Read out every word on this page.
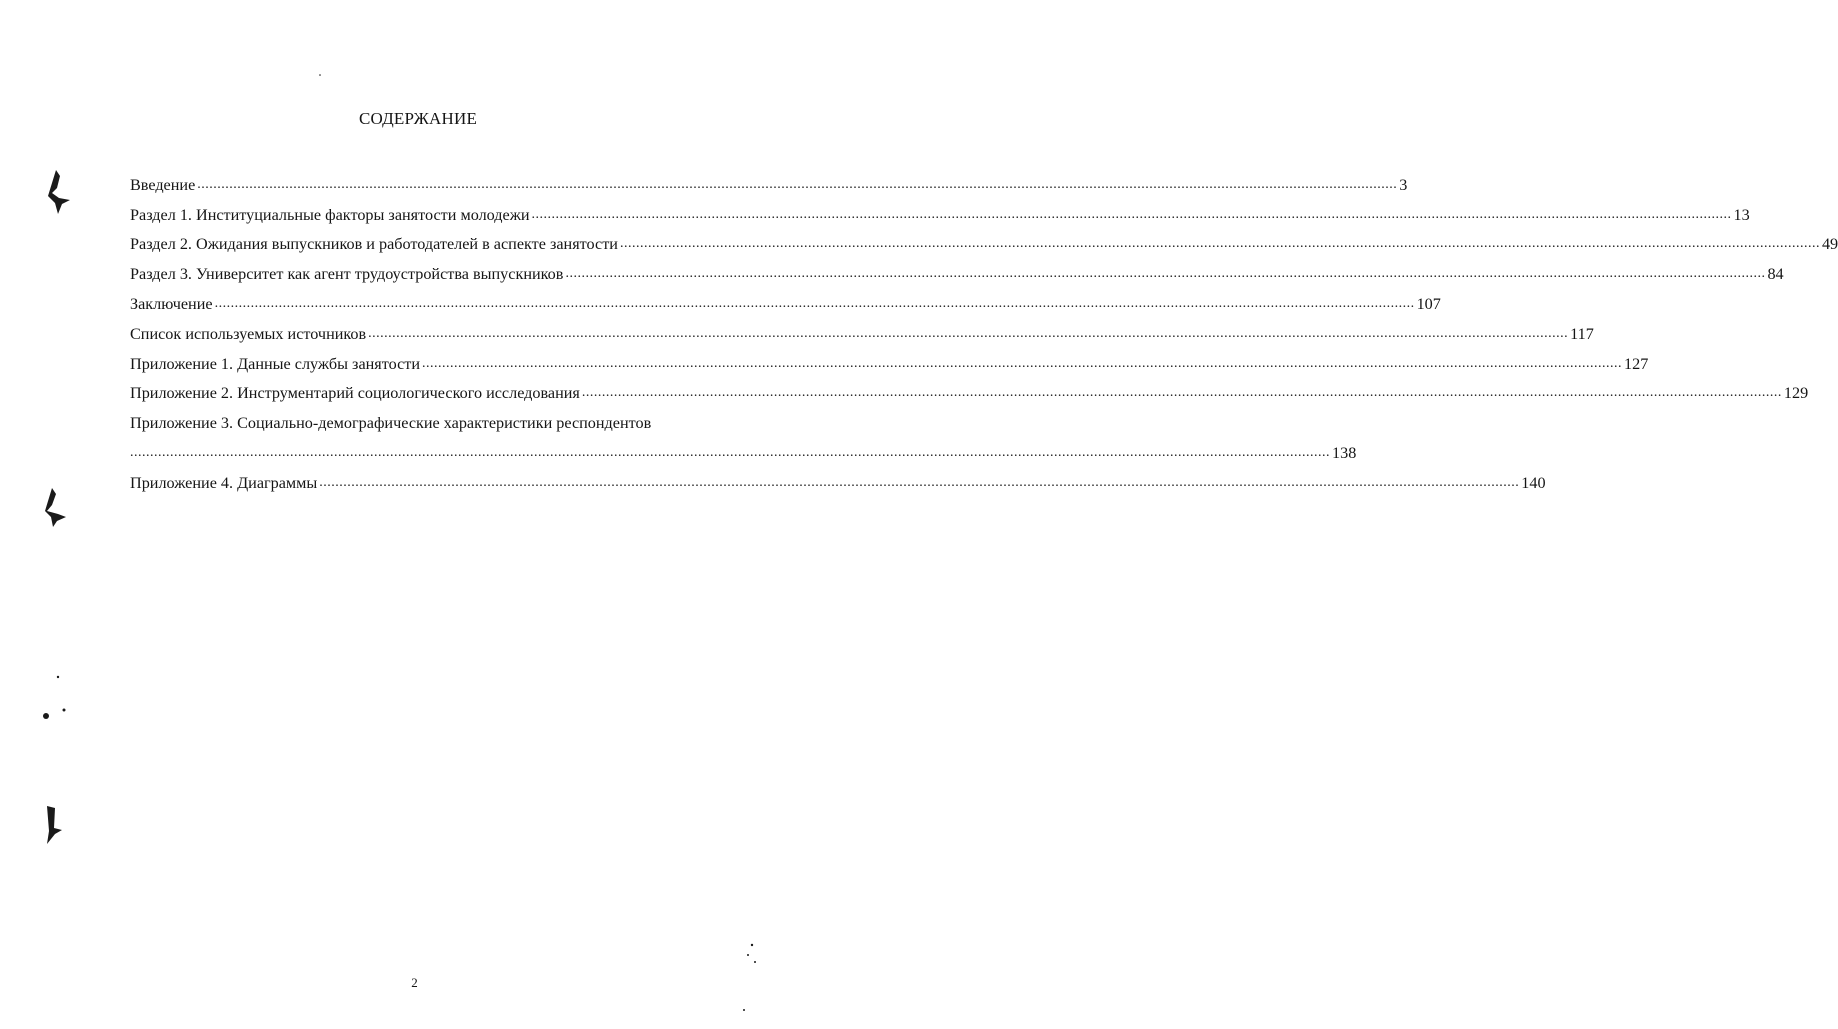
СОДЕРЖАНИЕ
Введение ............................................................................................................................................................................................................................................................................................................ 3
Раздел 1. Институциальные факторы занятости молодежи ............................................................................................................................................................................................................................................................................................................ 13
Раздел 2. Ожидания выпускников и работодателей в аспекте занятости ............................................................................................................................................................................................................................................................................................................ 49
Раздел 3. Университет как агент трудоустройства выпускников ............................................................................................................................................................................................................................................................................................................ 84
Заключение ............................................................................................................................................................................................................................................................................................................ 107
Список используемых источников ............................................................................................................................................................................................................................................................................................................ 117
Приложение 1. Данные службы занятости ............................................................................................................................................................................................................................................................................................................ 127
Приложение 2. Инструментарий социологического исследования ............................................................................................................................................................................................................................................................................................................ 129
Приложение 3. Социально-демографические характеристики респондентов
............................................................................................................................................................................................................................................................................................................ 138
Приложение 4. Диаграммы ............................................................................................................................................................................................................................................................................................................ 140
2
